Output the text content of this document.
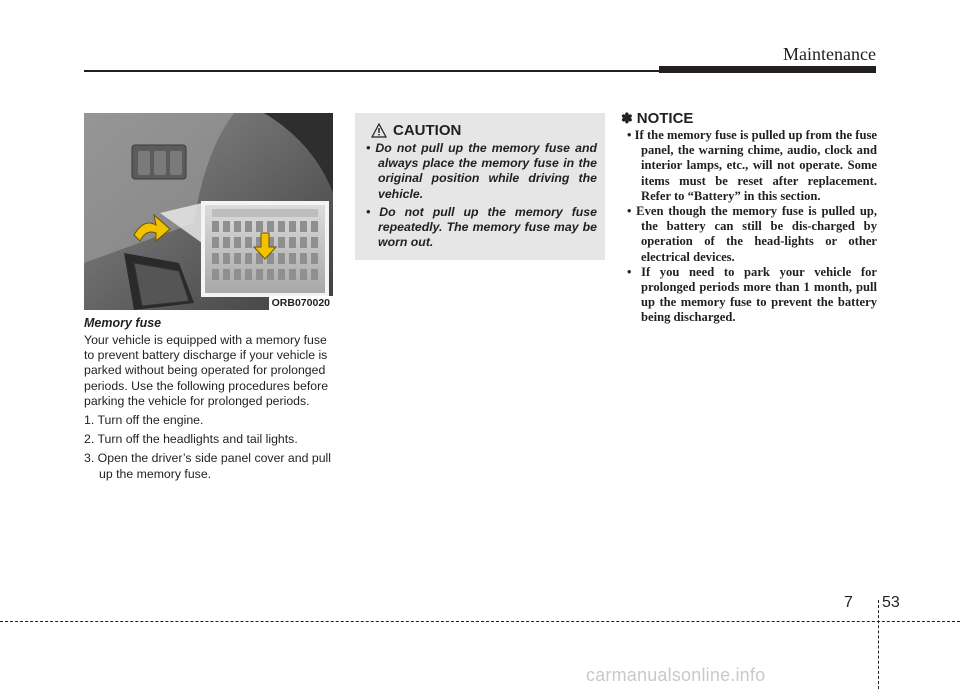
Maintenance
ORB070020

Memory fuse

Your vehicle is equipped with a memory fuse to prevent battery discharge if your vehicle is parked without being operated for prolonged periods. Use the following procedures before parking the vehicle for prolonged periods.

1. Turn off the engine.

2. Turn off the headlights and tail lights.

3. Open the driver’s side panel cover and pull up the memory fuse.

CAUTION

• Do not pull up the memory fuse and always place the memory fuse in the original position while driving the vehicle.

• Do not pull up the memory fuse repeatedly. The memory fuse may be worn out.

✽ NOTICE

• If the memory fuse is pulled up from the fuse panel, the warning chime, audio, clock and interior lamps, etc., will not operate. Some items must be reset after replacement. Refer to “Battery” in this section.

• Even though the memory fuse is pulled up, the battery can still be dis-charged by operation of the head-lights or other electrical devices.

• If you need to park your vehicle for prolonged periods more than 1 month, pull up the memory fuse to prevent the battery being discharged.

7 53
carmanualsonline.info
